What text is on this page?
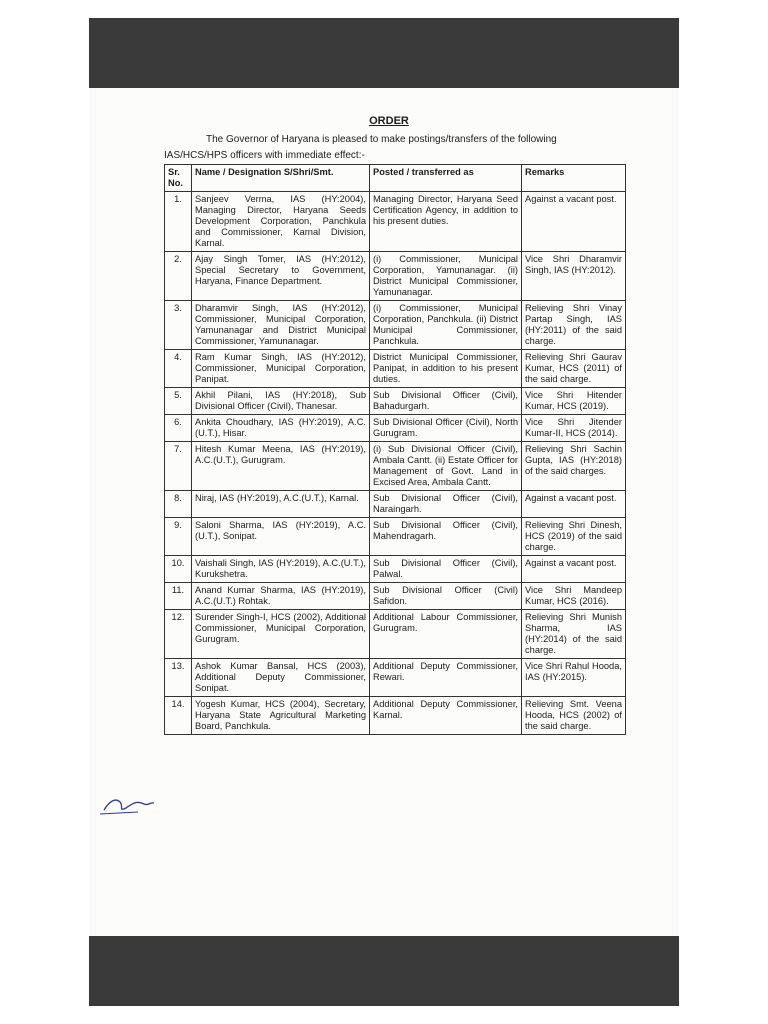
ORDER
The Governor of Haryana is pleased to make postings/transfers of the following
IAS/HCS/HPS officers with immediate effect:-
Sr. No.	Name / Designation S/Shri/Smt.	Posted / transferred as	Remarks
1.	Sanjeev Verma, IAS (HY:2004), Managing Director, Haryana Seeds Development Corporation, Panchkula and Commissioner, Karnal Division, Karnal.	Managing Director, Haryana Seed Certification Agency, in addition to his present duties.	Against a vacant post.
2.	Ajay Singh Tomer, IAS (HY:2012), Special Secretary to Government, Haryana, Finance Department.	(i) Commissioner, Municipal Corporation, Yamunanagar. (ii) District Municipal Commissioner, Yamunanagar.	Vice Shri Dharamvir Singh, IAS (HY:2012).
3.	Dharamvir Singh, IAS (HY:2012), Commissioner, Municipal Corporation, Yamunanagar and District Municipal Commissioner, Yamunanagar.	(i) Commissioner, Municipal Corporation, Panchkula. (ii) District Municipal Commissioner, Panchkula.	Relieving Shri Vinay Partap Singh, IAS (HY:2011) of the said charge.
4.	Ram Kumar Singh, IAS (HY:2012), Commissioner, Municipal Corporation, Panipat.	District Municipal Commissioner, Panipat, in addition to his present duties.	Relieving Shri Gaurav Kumar, HCS (2011) of the said charge.
5.	Akhil Pilani, IAS (HY:2018), Sub Divisional Officer (Civil), Thanesar.	Sub Divisional Officer (Civil), Bahadurgarh.	Vice Shri Hitender Kumar, HCS (2019).
6.	Ankita Choudhary, IAS (HY:2019), A.C.(U.T.), Hisar.	Sub Divisional Officer (Civil), North Gurugram.	Vice Shri Jitender Kumar-II, HCS (2014).
7.	Hitesh Kumar Meena, IAS (HY:2019), A.C.(U.T.), Gurugram.	(i) Sub Divisional Officer (Civil), Ambala Cantt. (ii) Estate Officer for Management of Govt. Land in Excised Area, Ambala Cantt.	Relieving Shri Sachin Gupta, IAS (HY:2018) of the said charges.
8.	Niraj, IAS (HY:2019), A.C.(U.T.), Karnal.	Sub Divisional Officer (Civil), Naraingarh.	Against a vacant post.
9.	Saloni Sharma, IAS (HY:2019), A.C.(U.T.), Sonipat.	Sub Divisional Officer (Civil), Mahendragarh.	Relieving Shri Dinesh, HCS (2019) of the said charge.
10.	Vaishali Singh, IAS (HY:2019), A.C.(U.T.), Kurukshetra.	Sub Divisional Officer (Civil), Palwal.	Against a vacant post.
11.	Anand Kumar Sharma, IAS (HY:2019), A.C.(U.T.) Rohtak.	Sub Divisional Officer (Civil) Safidon.	Vice Shri Mandeep Kumar, HCS (2016).
12.	Surender Singh-I, HCS (2002), Additional Commissioner, Municipal Corporation, Gurugram.	Additional Labour Commissioner, Gurugram.	Relieving Shri Munish Sharma, IAS (HY:2014) of the said charge.
13.	Ashok Kumar Bansal, HCS (2003), Additional Deputy Commissioner, Sonipat.	Additional Deputy Commissioner, Rewari.	Vice Shri Rahul Hooda, IAS (HY:2015).
14.	Yogesh Kumar, HCS (2004), Secretary, Haryana State Agricultural Marketing Board, Panchkula.	Additional Deputy Commissioner, Karnal.	Relieving Smt. Veena Hooda, HCS (2002) of the said charge.
